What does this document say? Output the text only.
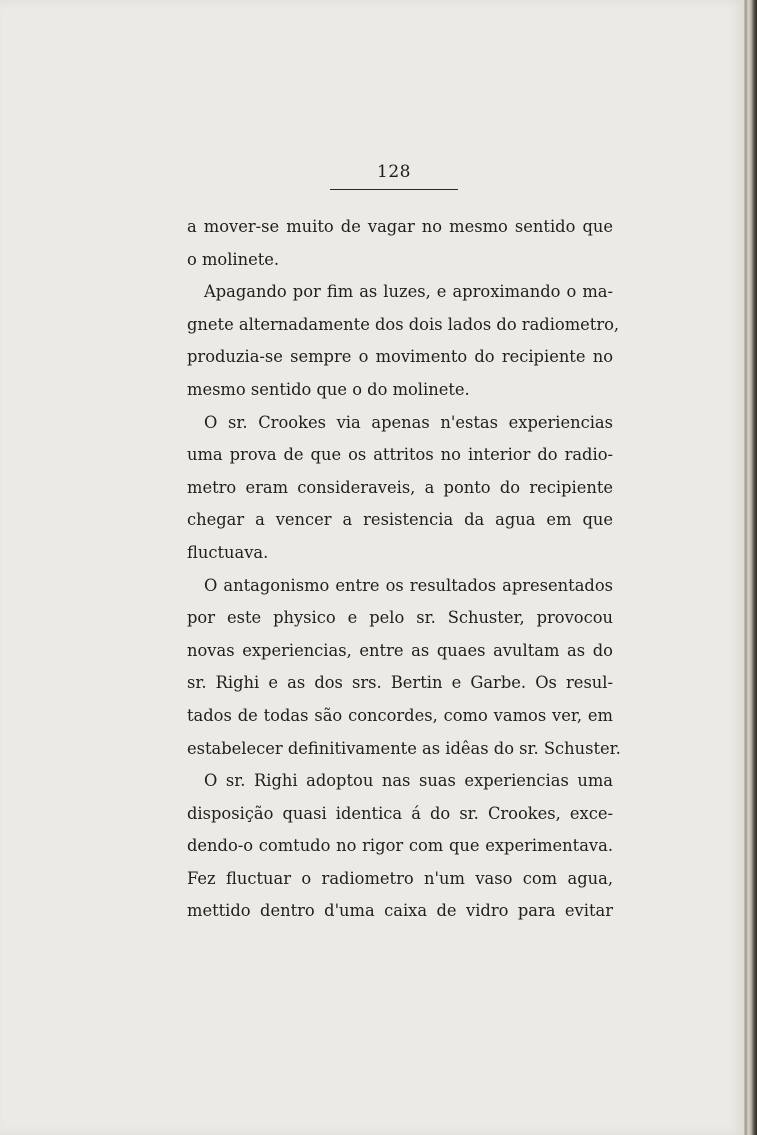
128
a mover-se muito de vagar no mesmo sentido que
o molinete.
Apagando por fim as luzes, e aproximando o ma-
gnete alternadamente dos dois lados do radiometro,
produzia-se sempre o movimento do recipiente no
mesmo sentido que o do molinete.
O sr. Crookes via apenas n'estas experiencias
uma prova de que os attritos no interior do radio-
metro eram consideraveis, a ponto do recipiente
chegar a vencer a resistencia da agua em que
fluctuava.
O antagonismo entre os resultados apresentados
por este physico e pelo sr. Schuster, provocou
novas experiencias, entre as quaes avultam as do
sr. Righi e as dos srs. Bertin e Garbe. Os resul-
tados de todas são concordes, como vamos ver, em
estabelecer definitivamente as idêas do sr. Schuster.
O sr. Righi adoptou nas suas experiencias uma
disposição quasi identica á do sr. Crookes, exce-
dendo-o comtudo no rigor com que experimentava.
Fez fluctuar o radiometro n'um vaso com agua,
mettido dentro d'uma caixa de vidro para evitar
